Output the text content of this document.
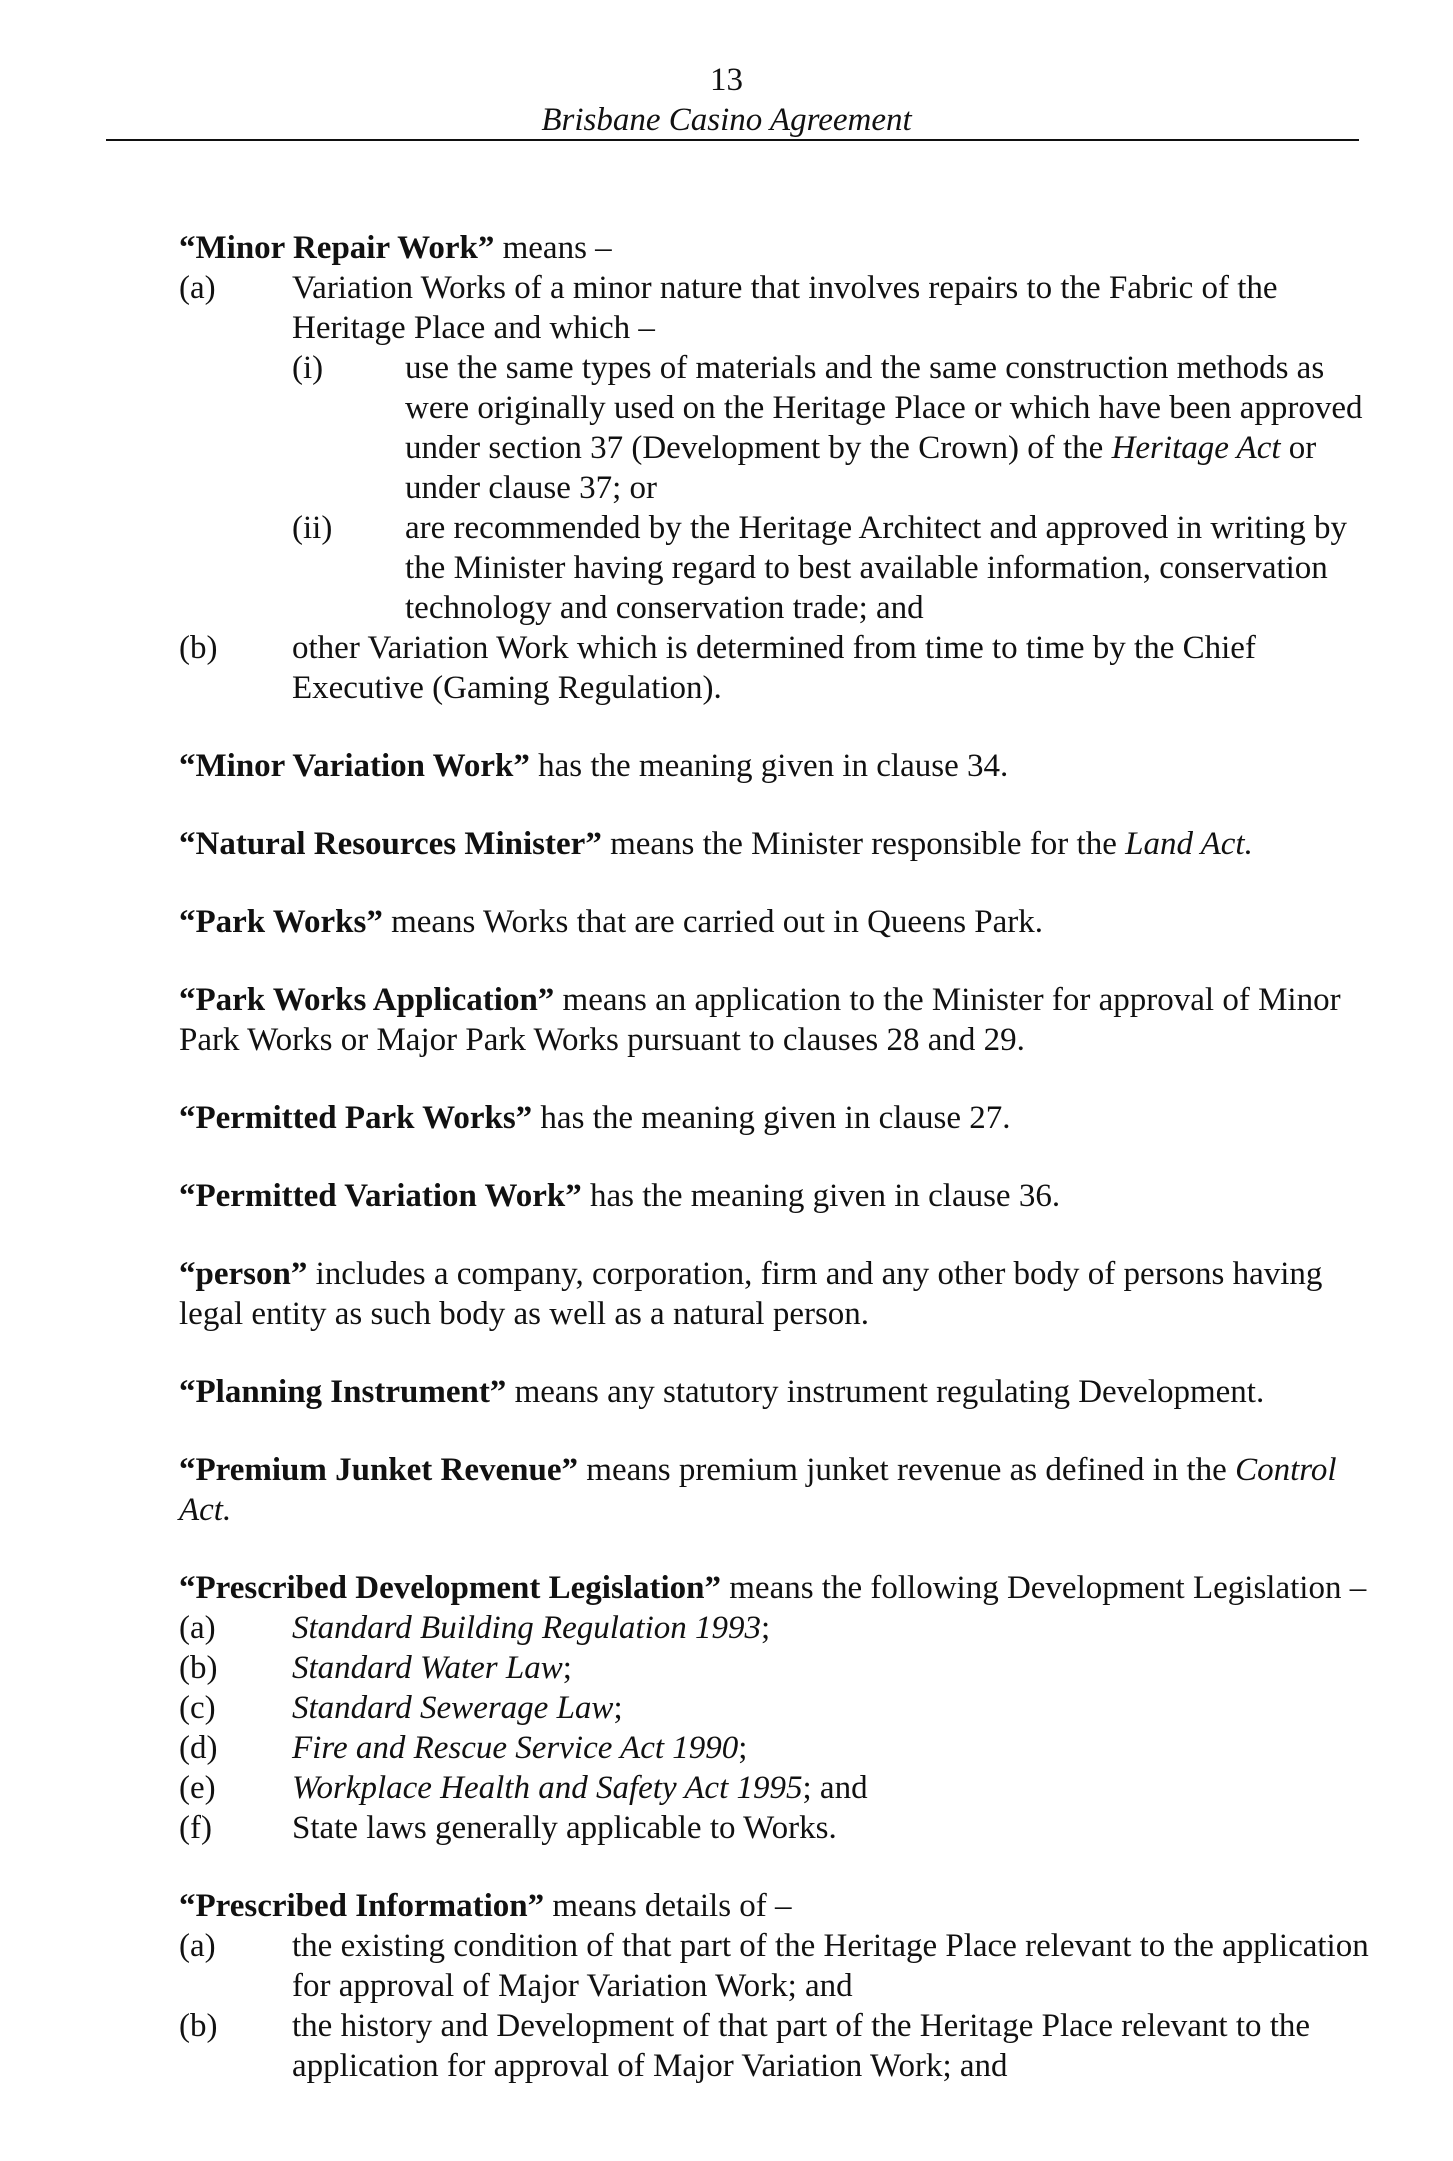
13
Brisbane Casino Agreement
“Minor Repair Work” means –
(a) Variation Works of a minor nature that involves repairs to the Fabric of the Heritage Place and which –
(i) use the same types of materials and the same construction methods as were originally used on the Heritage Place or which have been approved under section 37 (Development by the Crown) of the Heritage Act or under clause 37; or
(ii) are recommended by the Heritage Architect and approved in writing by the Minister having regard to best available information, conservation technology and conservation trade; and
(b) other Variation Work which is determined from time to time by the Chief Executive (Gaming Regulation).
“Minor Variation Work” has the meaning given in clause 34.
“Natural Resources Minister” means the Minister responsible for the Land Act.
“Park Works” means Works that are carried out in Queens Park.
“Park Works Application” means an application to the Minister for approval of Minor Park Works or Major Park Works pursuant to clauses 28 and 29.
“Permitted Park Works” has the meaning given in clause 27.
“Permitted Variation Work” has the meaning given in clause 36.
“person” includes a company, corporation, firm and any other body of persons having legal entity as such body as well as a natural person.
“Planning Instrument” means any statutory instrument regulating Development.
“Premium Junket Revenue” means premium junket revenue as defined in the Control Act.
“Prescribed Development Legislation” means the following Development Legislation –
(a) Standard Building Regulation 1993;
(b) Standard Water Law;
(c) Standard Sewerage Law;
(d) Fire and Rescue Service Act 1990;
(e) Workplace Health and Safety Act 1995; and
(f) State laws generally applicable to Works.
“Prescribed Information” means details of –
(a) the existing condition of that part of the Heritage Place relevant to the application for approval of Major Variation Work; and
(b) the history and Development of that part of the Heritage Place relevant to the application for approval of Major Variation Work; and
